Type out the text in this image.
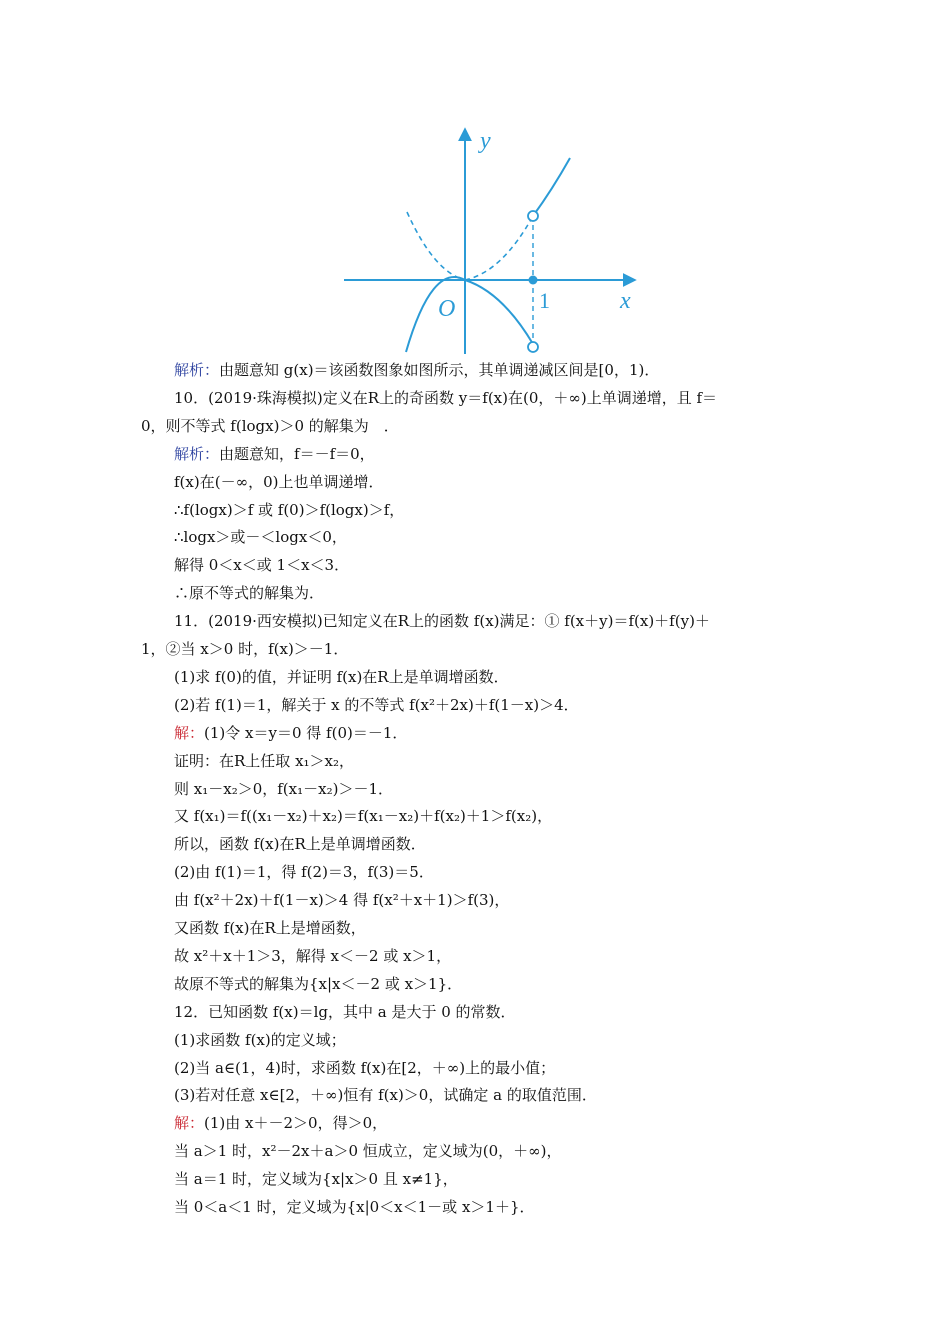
y
x
O	1
解析：由题意知 g(x)＝该函数图象如图所示，其单调递减区间是[0，1)．
10．(2019·珠海模拟)定义在R上的奇函数 y＝f(x)在(0，＋∞)上单调递增，且 f＝
0，则不等式 f(logx)＞0 的解集为　．
解析：由题意知，f＝－f＝0，
f(x)在(－∞，0)上也单调递增．
∴f(logx)＞f 或 f(0)＞f(logx)＞f，
∴logx＞或－＜logx＜0，
解得 0＜x＜或 1＜x＜3．
∴原不等式的解集为．
11．(2019·西安模拟)已知定义在R上的函数 f(x)满足：① f(x＋y)＝f(x)＋f(y)＋
1，②当 x＞0 时，f(x)＞－1．
(1)求 f(0)的值，并证明 f(x)在R上是单调增函数．
(2)若 f(1)＝1，解关于 x 的不等式 f(x²＋2x)＋f(1－x)＞4．
解：(1)令 x＝y＝0 得 f(0)＝－1．
证明：在R上任取 x₁＞x₂，
则 x₁－x₂＞0，f(x₁－x₂)＞－1．
又 f(x₁)＝f((x₁－x₂)＋x₂)＝f(x₁－x₂)＋f(x₂)＋1＞f(x₂)，
所以，函数 f(x)在R上是单调增函数．
(2)由 f(1)＝1，得 f(2)＝3，f(3)＝5．
由 f(x²＋2x)＋f(1－x)＞4 得 f(x²＋x＋1)＞f(3)，
又函数 f(x)在R上是增函数，
故 x²＋x＋1＞3，解得 x＜－2 或 x＞1，
故原不等式的解集为{x|x＜－2 或 x＞1}．
12．已知函数 f(x)＝lg，其中 a 是大于 0 的常数．
(1)求函数 f(x)的定义域；
(2)当 a∈(1，4)时，求函数 f(x)在[2，＋∞)上的最小值；
(3)若对任意 x∈[2，＋∞)恒有 f(x)＞0，试确定 a 的取值范围．
解：(1)由 x＋－2＞0，得＞0，
当 a＞1 时，x²－2x＋a＞0 恒成立，定义域为(0，＋∞)，
当 a＝1 时，定义域为{x|x＞0 且 x≠1}，
当 0＜a＜1 时，定义域为{x|0＜x＜1－或 x＞1＋}．
